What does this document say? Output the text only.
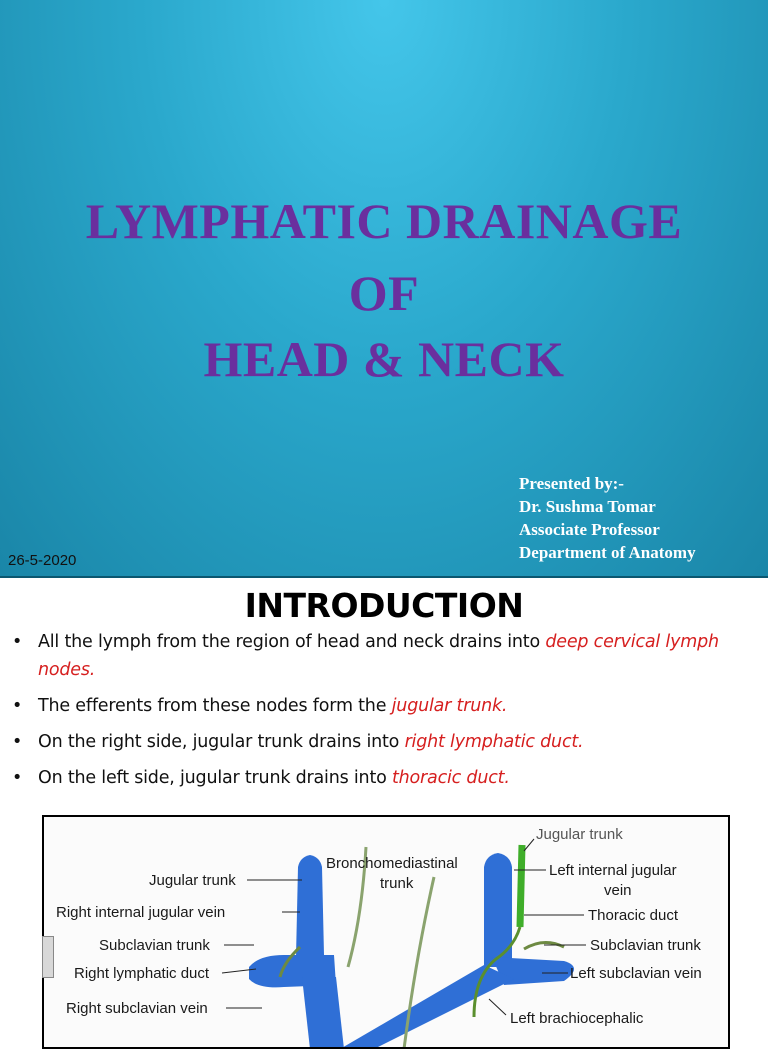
LYMPHATIC DRAINAGE
OF
HEAD & NECK
Presented by:-
Dr. Sushma Tomar
Associate Professor
Department of Anatomy
26-5-2020
INTRODUCTION
• All the lymph from the region of head and neck drains into deep cervical lymph nodes.
• The efferents from these nodes form the jugular trunk.
• On the right side, jugular trunk drains into right lymphatic duct.
• On the left side, jugular trunk drains into thoracic duct.
Jugular trunk
Bronchomediastinal
trunk
Jugular trunk
Right internal jugular vein
Subclavian trunk
Right lymphatic duct
Right subclavian vein
Left internal jugular
vein
Thoracic duct
Subclavian trunk
Left subclavian vein
Left brachiocephalic
